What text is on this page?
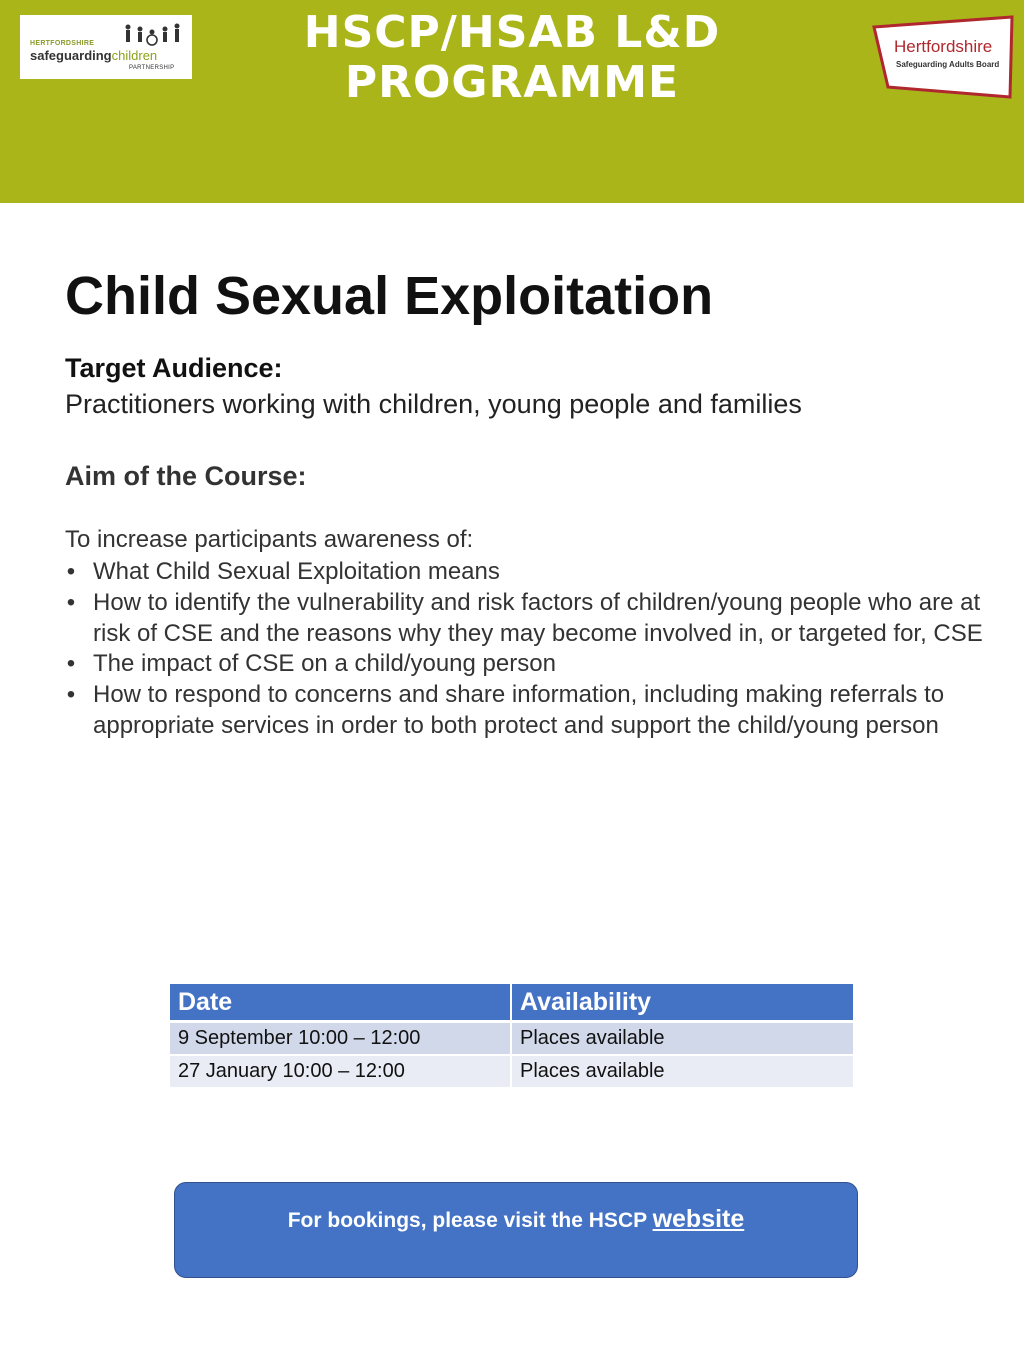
HERTFORDSHIRE
safeguardingchildren
PARTNERSHIP
HSCP/HSAB L&D
PROGRAMME
Hertfordshire
Safeguarding Adults Board
Child Sexual Exploitation
Target Audience:
Practitioners working with children, young people and families
Aim of the Course:
To increase participants awareness of:
• What Child Sexual Exploitation means
• How to identify the vulnerability and risk factors of children/young people who are at risk of CSE and the reasons why they may become involved in, or targeted for, CSE
• The impact of CSE on a child/young person
• How to respond to concerns and share information, including making referrals to appropriate services in order to both protect and support the child/young person
Date	Availability
9 September 10:00 – 12:00	Places available
27 January 10:00 – 12:00	Places available
For bookings, please visit the HSCP website
